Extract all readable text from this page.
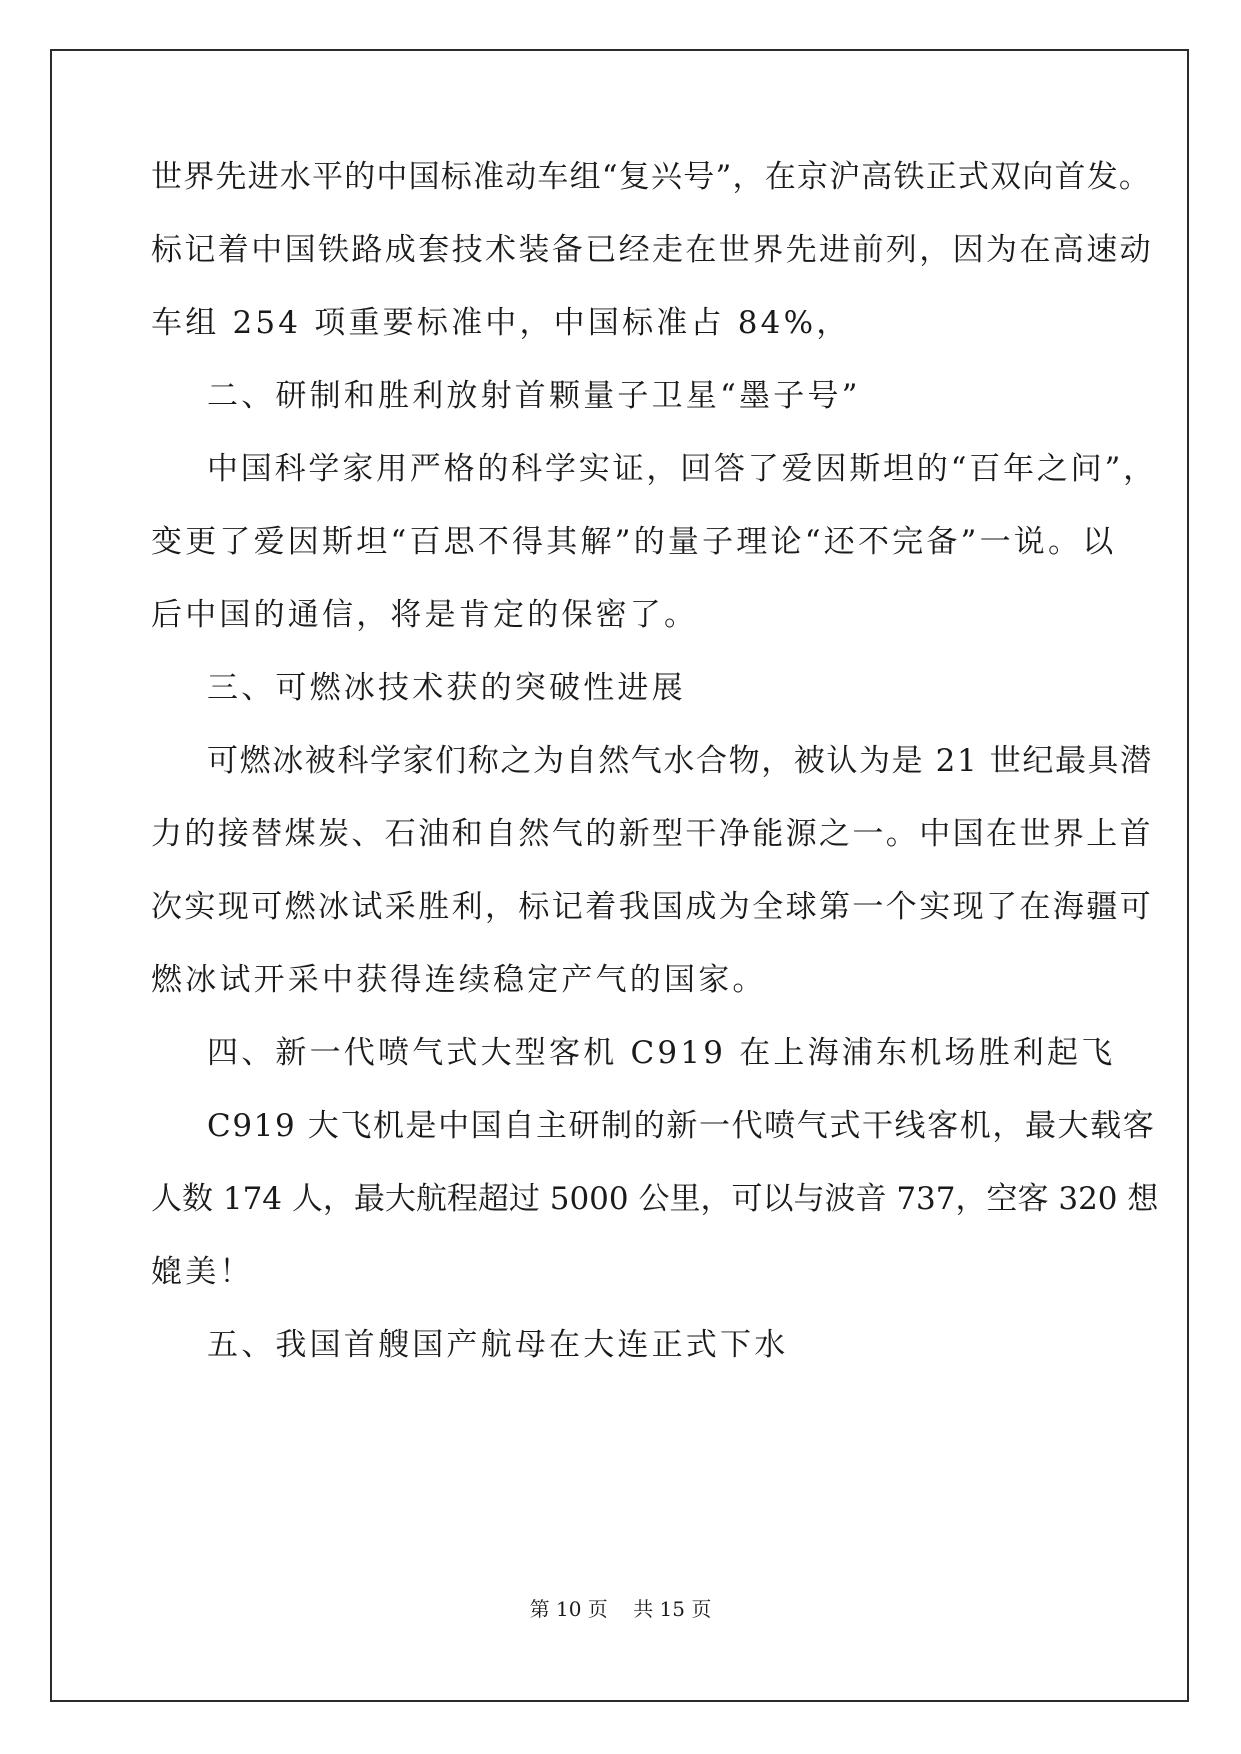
世界先进水平的中国标准动车组“复兴号”，在京沪高铁正式双向首发。
标记着中国铁路成套技术装备已经走在世界先进前列，因为在高速动
车组 254 项重要标准中，中国标准占 84%，
二、研制和胜利放射首颗量子卫星“墨子号”
中国科学家用严格的科学实证，回答了爱因斯坦的“百年之问”，
变更了爱因斯坦“百思不得其解”的量子理论“还不完备”一说。以
后中国的通信，将是肯定的保密了。
三、可燃冰技术获的突破性进展
可燃冰被科学家们称之为自然气水合物，被认为是 21 世纪最具潜
力的接替煤炭、石油和自然气的新型干净能源之一。中国在世界上首
次实现可燃冰试采胜利，标记着我国成为全球第一个实现了在海疆可
燃冰试开采中获得连续稳定产气的国家。
四、新一代喷气式大型客机 C919 在上海浦东机场胜利起飞
C919 大飞机是中国自主研制的新一代喷气式干线客机，最大载客
人数 174 人，最大航程超过 5000 公里，可以与波音 737，空客 320 想
媲美！
五、我国首艘国产航母在大连正式下水
第 10 页    共 15 页
